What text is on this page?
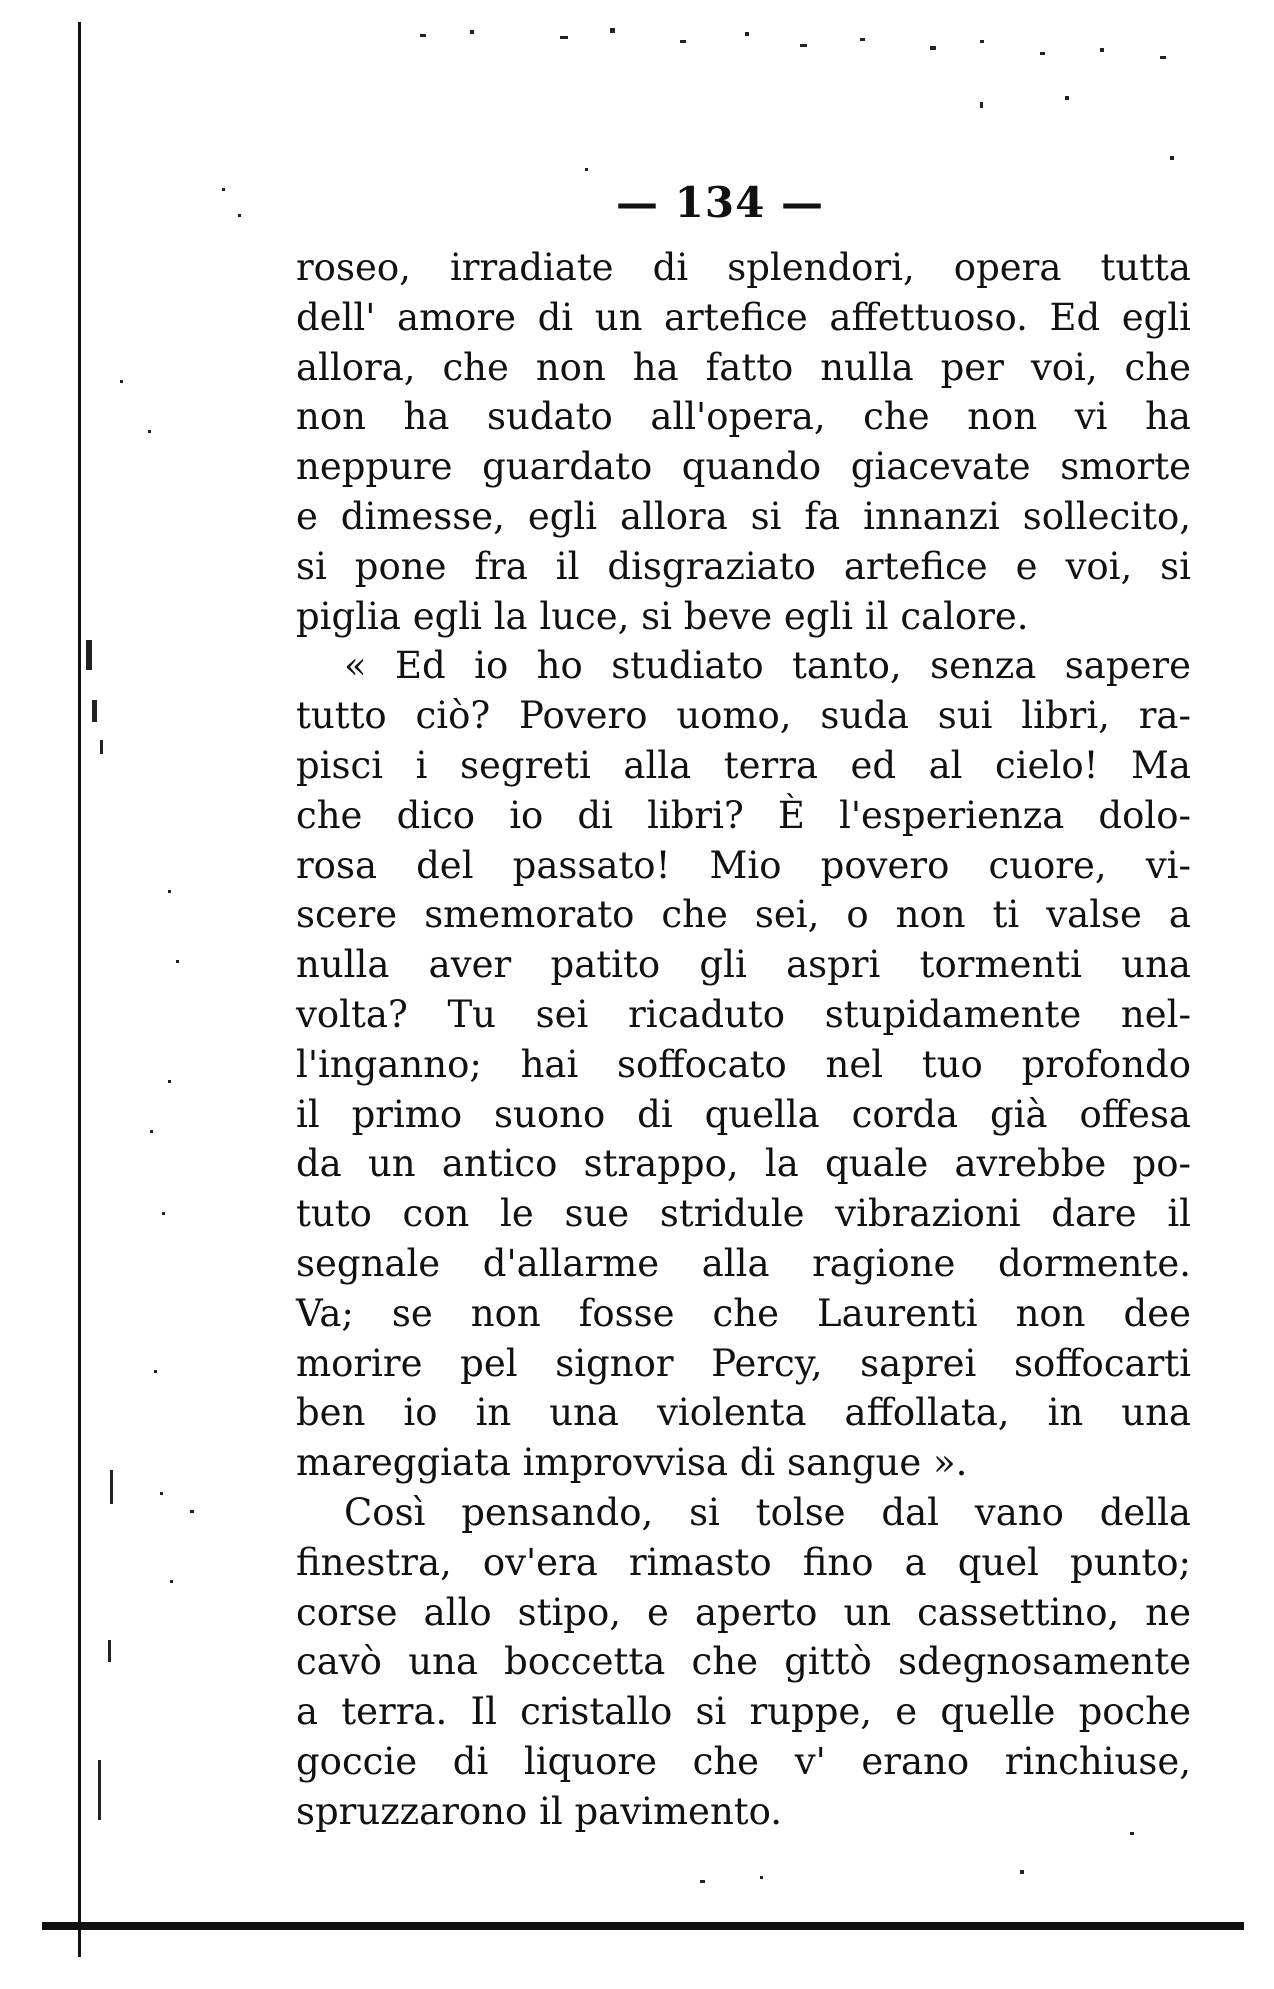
— 134 —
roseo, irradiate di splendori, opera tutta
dell' amore di un artefice affettuoso. Ed egli
allora, che non ha fatto nulla per voi, che
non ha sudato all'opera, che non vi ha
neppure guardato quando giacevate smorte
e dimesse, egli allora si fa innanzi sollecito,
si pone fra il disgraziato artefice e voi, si
piglia egli la luce, si beve egli il calore.
« Ed io ho studiato tanto, senza sapere
tutto ciò? Povero uomo, suda sui libri, ra-
pisci i segreti alla terra ed al cielo! Ma
che dico io di libri? È l'esperienza dolo-
rosa del passato! Mio povero cuore, vi-
scere smemorato che sei, o non ti valse a
nulla aver patito gli aspri tormenti una
volta? Tu sei ricaduto stupidamente nel-
l'inganno; hai soffocato nel tuo profondo
il primo suono di quella corda già offesa
da un antico strappo, la quale avrebbe po-
tuto con le sue stridule vibrazioni dare il
segnale d'allarme alla ragione dormente.
Va; se non fosse che Laurenti non dee
morire pel signor Percy, saprei soffocarti
ben io in una violenta affollata, in una
mareggiata improvvisa di sangue ».
Così pensando, si tolse dal vano della
finestra, ov'era rimasto fino a quel punto;
corse allo stipo, e aperto un cassettino, ne
cavò una boccetta che gittò sdegnosamente
a terra. Il cristallo si ruppe, e quelle poche
goccie di liquore che v' erano rinchiuse,
spruzzarono il pavimento.
